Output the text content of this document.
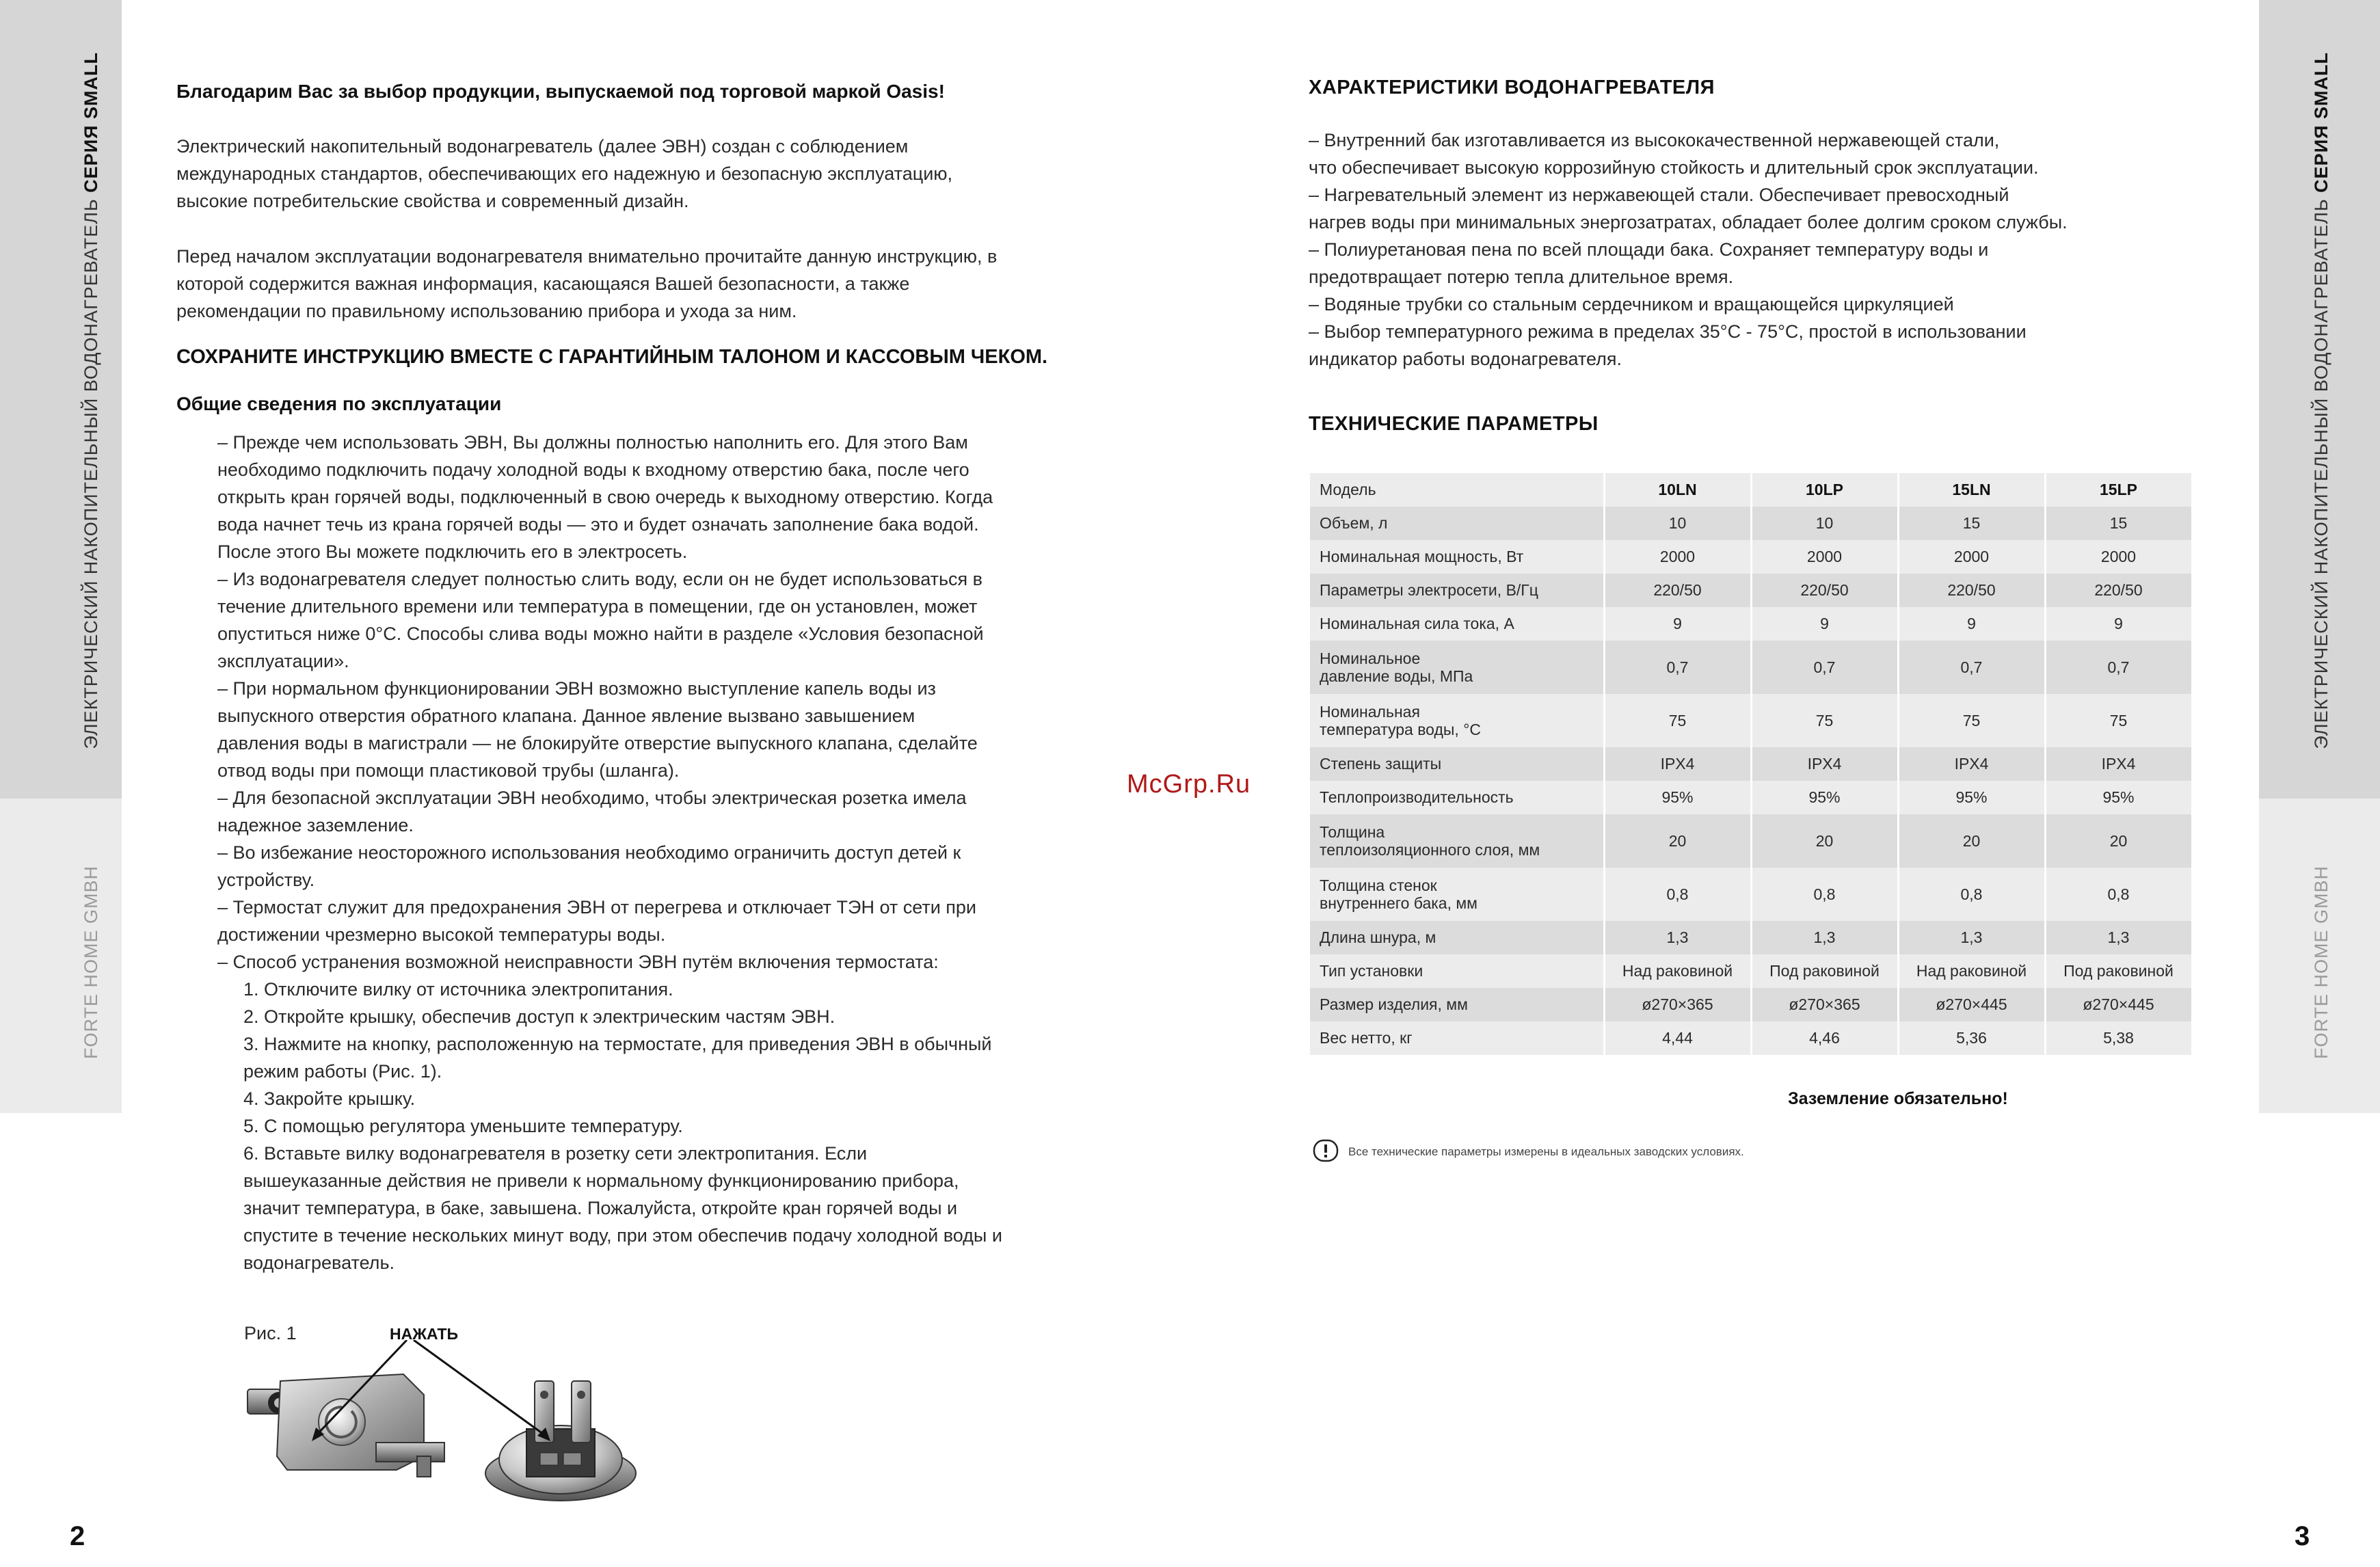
ЭЛЕКТРИЧЕСКИЙ НАКОПИТЕЛЬНЫЙ ВОДОНАГРЕВАТЕЛЬ СЕРИЯ SMALL
FORTE HOME GMBH
2
ЭЛЕКТРИЧЕСКИЙ НАКОПИТЕЛЬНЫЙ ВОДОНАГРЕВАТЕЛЬ СЕРИЯ SMALL
FORTE HOME GMBH
3
Благодарим Вас за выбор продукции, выпускаемой под торговой маркой Oasis!
Электрический накопительный водонагреватель (далее ЭВН) создан с соблюдением
международных стандартов, обеспечивающих его надежную и безопасную эксплуатацию,
высокие потребительские свойства и современный дизайн.
Перед началом эксплуатации водонагревателя внимательно прочитайте данную инструкцию, в
которой содержится важная информация, касающаяся Вашей безопасности, а также
рекомендации по правильному использованию прибора и ухода за ним.
СОХРАНИТЕ ИНСТРУКЦИЮ ВМЕСТЕ С ГАРАНТИЙНЫМ ТАЛОНОМ И КАССОВЫМ ЧЕКОМ.
Общие сведения по эксплуатации
– Прежде чем использовать ЭВН, Вы должны полностью наполнить его. Для этого Вам
необходимо подключить подачу холодной воды к входному отверстию бака, после чего
открыть кран горячей воды, подключенный в свою очередь к выходному отверстию. Когда
вода начнет течь из крана горячей воды — это и будет означать заполнение бака водой.
После этого Вы можете подключить его в электросеть.
– Из водонагревателя следует полностью слить воду, если он не будет использоваться в
течение длительного времени или температура в помещении, где он установлен, может
опуститься ниже 0°С. Способы слива воды можно найти в разделе «Условия безопасной
эксплуатации».
– При нормальном функционировании ЭВН возможно выступление капель воды из
выпускного отверстия обратного клапана. Данное явление вызвано завышением
давления воды в магистрали — не блокируйте отверстие выпускного клапана, сделайте
отвод воды при помощи пластиковой трубы (шланга).
– Для безопасной эксплуатации ЭВН необходимо, чтобы электрическая розетка имела
надежное заземление.
– Во избежание неосторожного использования необходимо ограничить доступ детей к
устройству.
– Термостат служит для предохранения ЭВН от перегрева и отключает ТЭН от сети при
достижении чрезмерно высокой температуры воды.
– Способ устранения возможной неисправности ЭВН путём включения термостата:
1. Отключите вилку от источника электропитания.
2. Откройте крышку, обеспечив доступ к электрическим частям ЭВН.
3. Нажмите на кнопку, расположенную на термостате, для приведения ЭВН в обычный
режим работы (Рис. 1).
4. Закройте крышку.
5. С помощью регулятора уменьшите температуру.
6. Вставьте вилку водонагревателя в розетку сети электропитания. Если
вышеуказанные действия не привели к нормальному функционированию прибора,
значит температура, в баке, завышена. Пожалуйста, откройте кран горячей воды и
спустите в течение нескольких минут воду, при этом обеспечив подачу холодной воды и
водонагреватель.
Рис. 1	НАЖАТЬ
McGrp.Ru
ХАРАКТЕРИСТИКИ ВОДОНАГРЕВАТЕЛЯ
– Внутренний бак изготавливается из высококачественной нержавеющей стали,
что обеспечивает высокую коррозийную стойкость и длительный срок эксплуатации.
– Нагревательный элемент из нержавеющей стали. Обеспечивает превосходный
нагрев воды при минимальных энергозатратах, обладает более долгим сроком службы.
– Полиуретановая пена по всей площади бака. Сохраняет температуру воды и
предотвращает потерю тепла длительное время.
– Водяные трубки со стальным сердечником и вращающейся циркуляцией
– Выбор температурного режима в пределах 35°С - 75°С, простой в использовании
индикатор работы водонагревателя.
ТЕХНИЧЕСКИЕ ПАРАМЕТРЫ
Модель	10LN	10LP	15LN	15LP
Объем, л	10	10	15	15
Номинальная мощность, Вт	2000	2000	2000	2000
Параметры электросети, В/Гц	220/50	220/50	220/50	220/50
Номинальная сила тока, А	9	9	9	9

Номинальное
давление воды, МПа	0,7	0,7	0,7	0,7

Номинальная
температура воды, °С	75	75	75	75
Степень защиты	IPX4	IPX4	IPX4	IPX4
Теплопроизводительность	95%	95%	95%	95%

Толщина
теплоизоляционного слоя, мм	20	20	20	20

Толщина стенок
внутреннего бака, мм	0,8	0,8	0,8	0,8
Длина шнура, м	1,3	1,3	1,3	1,3
Тип установки	Над раковиной	Под раковиной	Над раковиной	Под раковиной
Размер изделия, мм	ø270×365	ø270×365	ø270×445	ø270×445
Вес нетто, кг	4,44	4,46	5,36	5,38
Заземление обязательно!
Все технические параметры измерены в идеальных заводских условиях.
